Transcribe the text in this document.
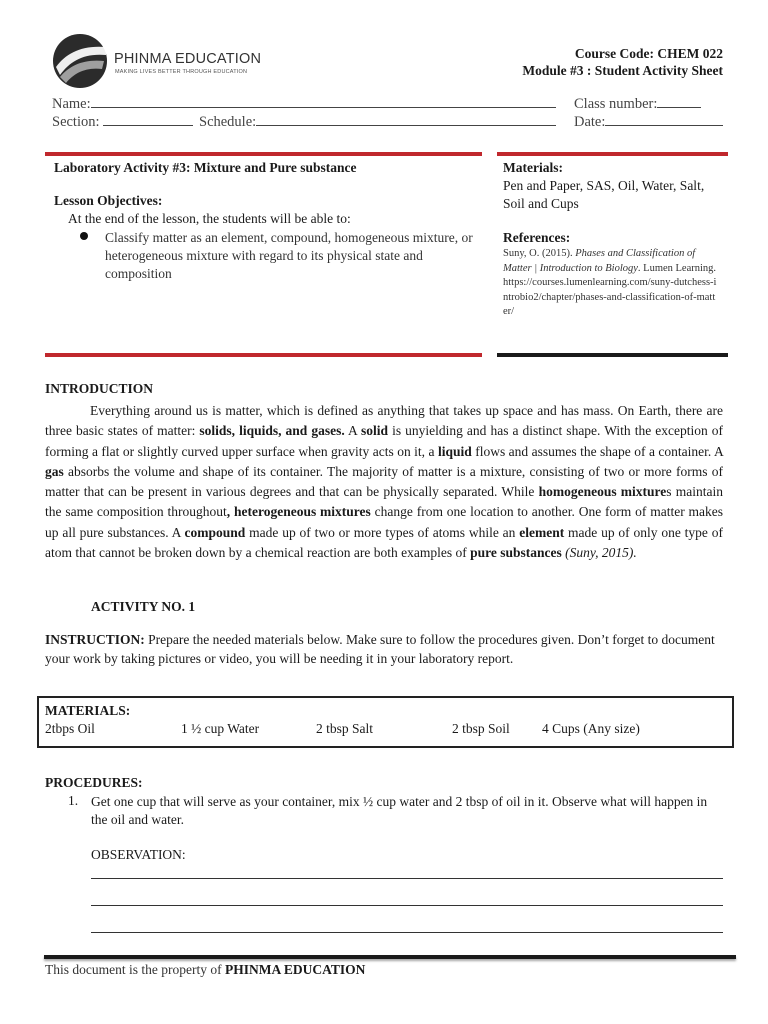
PHINMA EDUCATION
MAKING LIVES BETTER THROUGH EDUCATION
Course Code: CHEM 022
Module #3 : Student Activity Sheet
Name:	Class number:
Section:	Schedule:	Date:
Laboratory Activity #3: Mixture and Pure substance
Lesson Objectives:
At the end of the lesson, the students will be able to:
Classify matter as an element, compound, homogeneous mixture, or heterogeneous mixture with regard to its physical state and composition
Materials:
Pen and Paper, SAS, Oil, Water, Salt, Soil and Cups
References:
Suny, O. (2015). Phases and Classification of Matter | Introduction to Biology. Lumen Learning. https://courses.lumenlearning.com/suny-dutchess-introbio2/chapter/phases-and-classification-of-matter/
INTRODUCTION
Everything around us is matter, which is defined as anything that takes up space and has mass. On Earth, there are three basic states of matter: solids, liquids, and gases. A solid is unyielding and has a distinct shape. With the exception of forming a flat or slightly curved upper surface when gravity acts on it, a liquid flows and assumes the shape of a container. A gas absorbs the volume and shape of its container. The majority of matter is a mixture, consisting of two or more forms of matter that can be present in various degrees and that can be physically separated. While homogeneous mixtures maintain the same composition throughout, heterogeneous mixtures change from one location to another. One form of matter makes up all pure substances. A compound made up of two or more types of atoms while an element made up of only one type of atom that cannot be broken down by a chemical reaction are both examples of pure substances (Suny, 2015).
ACTIVITY NO. 1
INSTRUCTION: Prepare the needed materials below. Make sure to follow the procedures given. Don’t forget to document your work by taking pictures or video, you will be needing it in your laboratory report.
MATERIALS:
2tbps Oil	1 ½ cup Water	2 tbsp Salt	2 tbsp Soil 4 Cups (Any size)
PROCEDURES:
1. Get one cup that will serve as your container, mix ½ cup water and 2 tbsp of oil in it. Observe what will happen in the oil and water.
OBSERVATION:
This document is the property of PHINMA EDUCATION
